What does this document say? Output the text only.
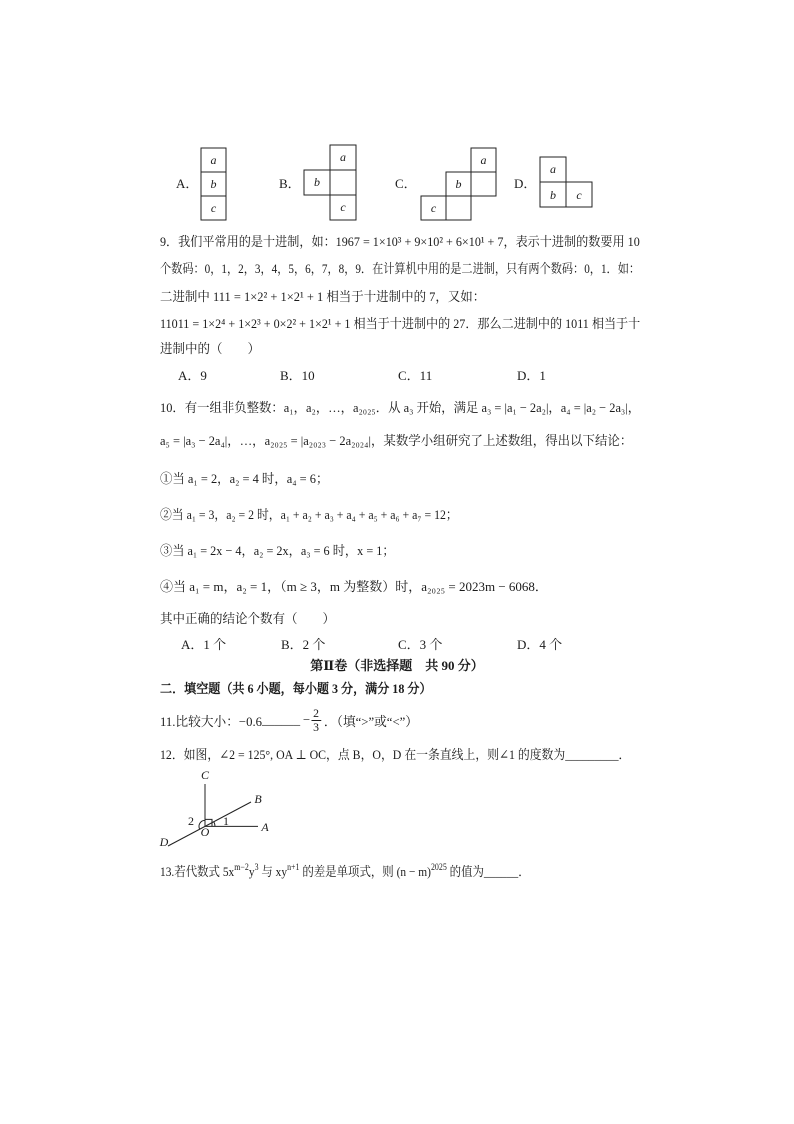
A．	B．	C．	D．
a
b
c
a
b
c
a
b
c
a
b c
9．我们平常用的是十进制，如：1967 = 1×10³ + 9×10² + 6×10¹ + 7，表示十进制的数要用 10
个数码：0，1，2，3，4，5，6，7，8，9．在计算机中用的是二进制，只有两个数码：0，1．如：
二进制中 111 = 1×2² + 1×2¹ + 1 相当于十进制中的 7，又如：
11011 = 1×2⁴ + 1×2³ + 0×2² + 1×2¹ + 1 相当于十进制中的 27．那么二进制中的 1011 相当于十
进制中的（　　）
A．9	B．10	C．11	D．1
10．有一组非负整数：a₁，a₂，…，a₂₀₂₅．从 a₃ 开始，满足 a₃ = |a₁ − 2a₂|，a₄ = |a₂ − 2a₃|，
a₅ = |a₃ − 2a₄|，…，a₂₀₂₅ = |a₂₀₂₃ − 2a₂₀₂₄|，某数学小组研究了上述数组，得出以下结论：
①当 a₁ = 2，a₂ = 4 时，a₄ = 6；
②当 a₁ = 3，a₂ = 2 时，a₁ + a₂ + a₃ + a₄ + a₅ + a₆ + a₇ = 12；
③当 a₁ = 2x − 4，a₂ = 2x，a₃ = 6 时，x = 1；
④当 a₁ = m，a₂ = 1，（m ≥ 3，m 为整数）时，a₂₀₂₅ = 2023m − 6068．
其中正确的结论个数有（　　）
A．1 个	B．2 个	C．3 个	D．4 个
第Ⅱ卷（非选择题　共 90 分）
二．填空题（共 6 小题，每小题 3 分，满分 18 分）
11.比较大小：−0.6 ______ − $\frac{2}{3}$ ．（填“>”或“<”）
12．如图，∠2 = 125°, OA ⊥ OC，点 B，O，D 在一条直线上，则∠1 的度数为_________．
C
B
2 1
O	A
D
13.若代数式 $5x^{m-2}y^3$ 与 $xy^{n+1}$ 的差是单项式，则 $(n - m)^{2025}$ 的值为______．
